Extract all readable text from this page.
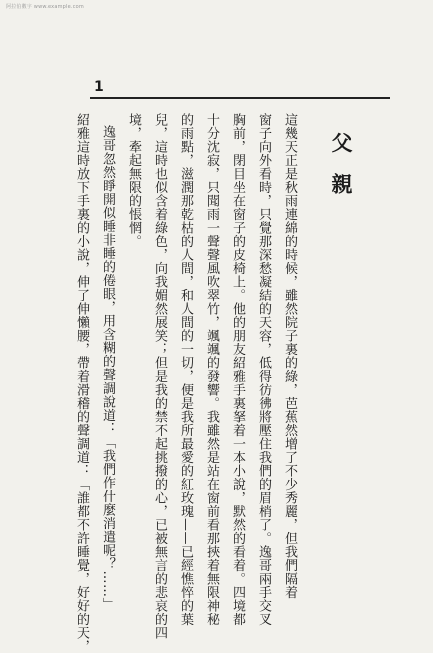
阿拉伯數字 www.example.com
1
父親
這幾天正是秋雨連綿的時候，雖然院子裏的綠，芭蕉然增了不少秀麗，但我們隔着
窗子向外看時，只覺那深愁凝結的天容，低得彷彿將壓住我們的眉梢了。逸哥兩手交叉
胸前，閉目坐在窗子的皮椅上。他的朋友紹雅手裏拏着一本小說，默然的看着。四境都
十分沈寂，只聞雨一聲聲風吹翠竹，颯颯的發響。我雖然是站在窗前看那挾着無限神秘
的雨點，滋潤那乾枯的人間，和人間的一切，便是我所最愛的紅玫瑰——已經憔悴的葉
兒，這時也似含着綠色，向我媚然展笑；但是我的禁不起挑撥的心，已被無言的悲哀的四
境，牽起無限的悵惘。
逸哥忽然睜開似睡非睡的倦眼，用含糊的聲調說道：「我們作什麼消遣呢？……」
紹雅這時放下手裏的小說，伸了伸懶腰，帶着滑稽的聲調道：「誰都不許睡覺，好好的天，
